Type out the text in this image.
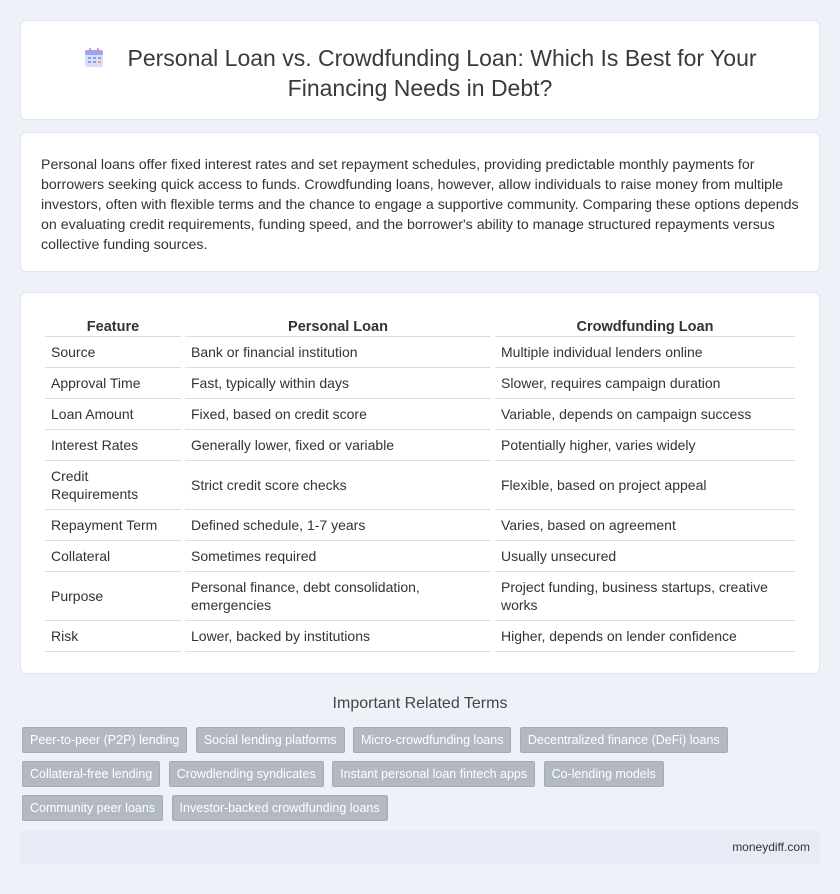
Personal Loan vs. Crowdfunding Loan: Which Is Best for Your Financing Needs in Debt?

Personal loans offer fixed interest rates and set repayment schedules, providing predictable monthly payments for borrowers seeking quick access to funds. Crowdfunding loans, however, allow individuals to raise money from multiple investors, often with flexible terms and the chance to engage a supportive community. Comparing these options depends on evaluating credit requirements, funding speed, and the borrower's ability to manage structured repayments versus collective funding sources.

Feature	Personal Loan	Crowdfunding Loan
Source	Bank or financial institution	Multiple individual lenders online
Approval Time	Fast, typically within days	Slower, requires campaign duration
Loan Amount	Fixed, based on credit score	Variable, depends on campaign success
Interest Rates	Generally lower, fixed or variable	Potentially higher, varies widely
Credit Requirements	Strict credit score checks	Flexible, based on project appeal
Repayment Term	Defined schedule, 1-7 years	Varies, based on agreement
Collateral	Sometimes required	Usually unsecured
Purpose	Personal finance, debt consolidation, emergencies	Project funding, business startups, creative works
Risk	Lower, backed by institutions	Higher, depends on lender confidence
Important Related Terms
Peer-to-peer (P2P) lending Social lending platforms Micro-crowdfunding loans Decentralized finance (DeFi) loans Collateral-free lending Crowdlending syndicates Instant personal loan fintech apps Co-lending models Community peer loans Investor-backed crowdfunding loans
moneydiff.com
